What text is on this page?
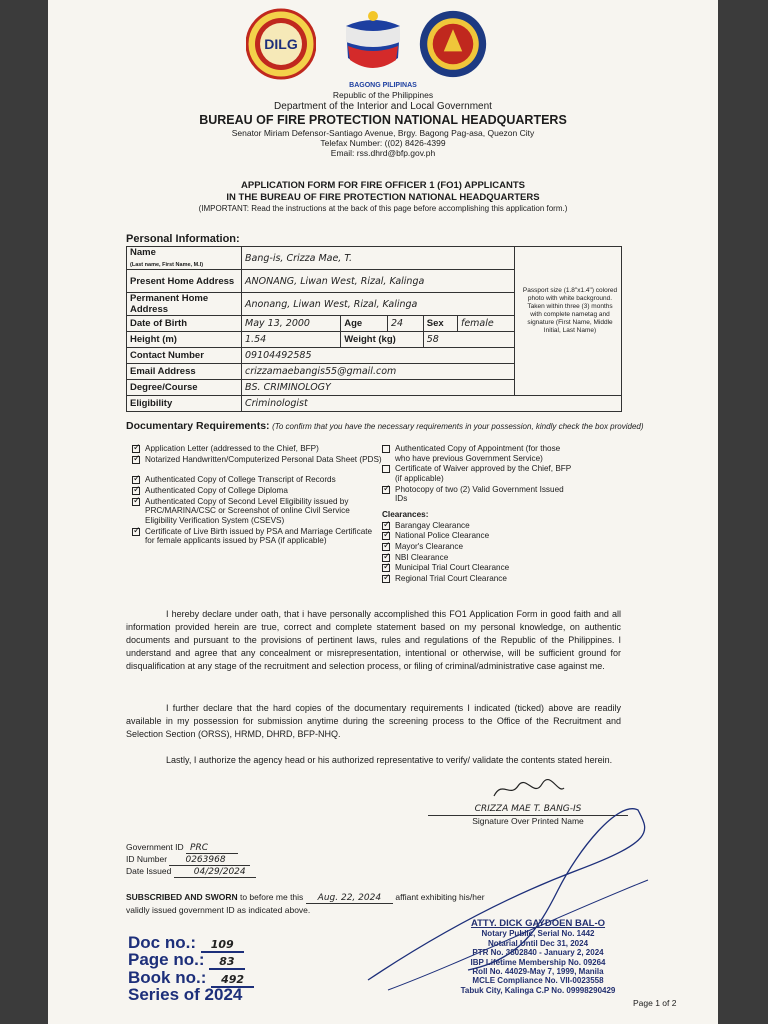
DILG
BAGONG PILIPINAS
Republic of the Philippines
Department of the Interior and Local Government
BUREAU OF FIRE PROTECTION NATIONAL HEADQUARTERS
Senator Miriam Defensor-Santiago Avenue, Brgy. Bagong Pag-asa, Quezon City
Telefax Number: ((02) 8426-4399
Email: rss.dhrd@bfp.gov.ph
APPLICATION FORM FOR FIRE OFFICER 1 (FO1) APPLICANTS
IN THE BUREAU OF FIRE PROTECTION NATIONAL HEADQUARTERS
(IMPORTANT: Read the instructions at the back of this page before accomplishing this application form.)
Personal Information:
Name
(Last name, First Name, M.I)	Bang-is, Crizza Mae, T.					
Present Home Address	ANONANG, Liwan West, Rizal, Kalinga					
Permanent Home Address	Anonang, Liwan West, Rizal, Kalinga					
Date of Birth	May 13, 2000	Age	24	Sex	female	
Height (m)	1.54	Weight (kg)		58		
Contact Number	09104492585					
Email Address	crizzamaebangis55@gmail.com					
Degree/Course	BS. CRIMINOLOGY					
Eligibility	Criminologist					
Passport size (1.8"x1.4") colored photo with white background. Taken within three (3) months with complete nametag and signature (First Name, Middle Initial, Last Name)
Documentary Requirements: (To confirm that you have the necessary requirements in your possession, kindly check the box provided)
✓
Application Letter (addressed to the Chief, BFP)
✓
Notarized Handwritten/Computerized Personal Data Sheet (PDS)
✓
Authenticated Copy of College Transcript of Records
✓
Authenticated Copy of College Diploma
✓
Authenticated Copy of Second Level Eligibility issued by PRC/MARINA/CSC or Screenshot of online Civil Service Eligibility Verification System (CSEVS)
✓
Certificate of Live Birth issued by PSA and Marriage Certificate for female applicants issued by PSA (if applicable)
Authenticated Copy of Appointment (for those who have previous Government Service)
Certificate of Waiver approved by the Chief, BFP (if applicable)
✓
Photocopy of two (2) Valid Government Issued IDs
Clearances:
✓
Barangay Clearance
✓
National Police Clearance
✓
Mayor's Clearance
✓
NBI Clearance
✓
Municipal Trial Court Clearance
✓
Regional Trial Court Clearance
I hereby declare under oath, that i have personally accomplished this FO1 Application Form in good faith and all information provided herein are true, correct and complete statement based on my personal knowledge, on authentic documents and pursuant to the provisions of pertinent laws, rules and regulations of the Republic of the Philippines. I understand and agree that any concealment or misrepresentation, intentional or otherwise, will be sufficient ground for disqualification at any stage of the recruitment and selection process, or filing of criminal/administrative case against me.
I further declare that the hard copies of the documentary requirements I indicated (ticked) above are readily available in my possession for submission anytime during the screening process to the Office of the Recruitment and Selection Section (ORSS), HRMD, DHRD, BFP-NHQ.
Lastly, I authorize the agency head or his authorized representative to verify/ validate the contents stated herein.
CRIZZA MAE T. BANG-IS
Signature Over Printed Name
Government ID PRC
ID Number 0263968
Date Issued 04/29/2024
SUBSCRIBED AND SWORN to before me this Aug. 22, 2024 affiant exhibiting his/her
validly issued government ID as indicated above.
Doc no.: 109
Page no.: 83
Book no.: 492
Series of 2024
ATTY. DICK GAYDOEN BAL-O
Notary Public, Serial No. 1442
Notarial Until Dec 31, 2024
PTR No. 3802840 - January 2, 2024
IBP Lifetime Membership No. 09264
Roll No. 44029-May 7, 1999, Manila
MCLE Compliance No. VII-0023558
Tabuk City, Kalinga C.P No. 09998290429
Page 1 of 2
